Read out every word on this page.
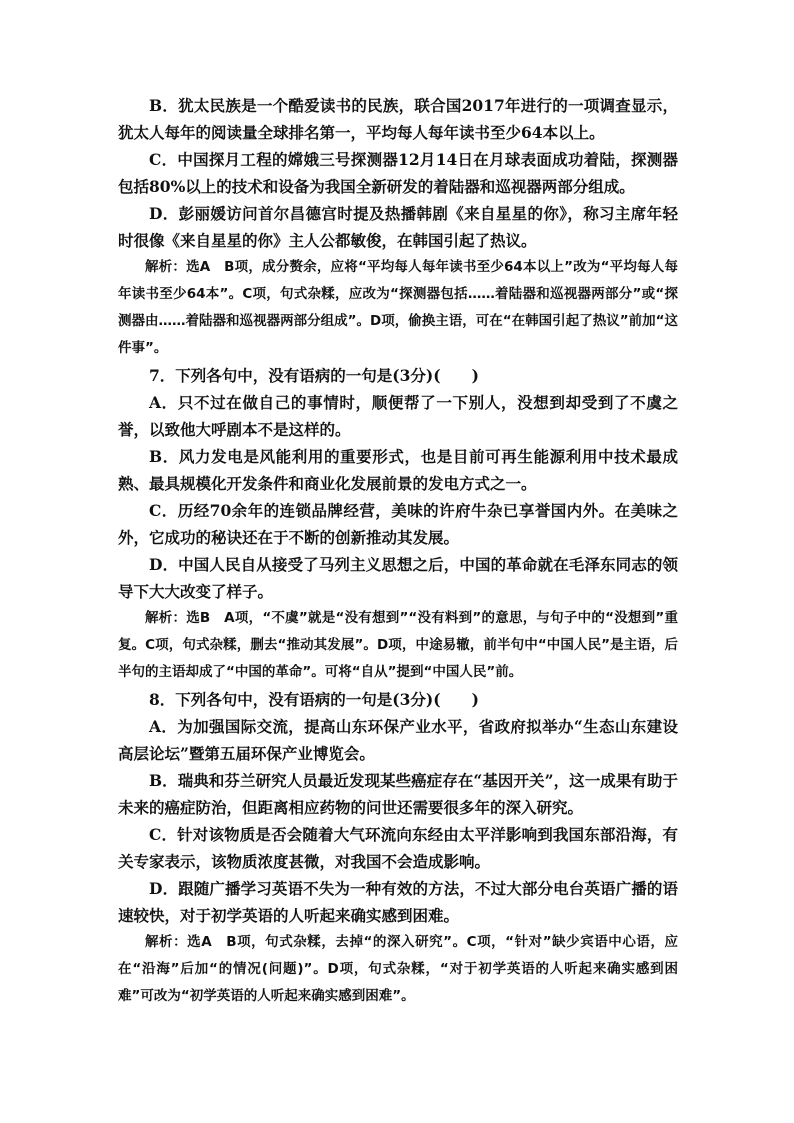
B．犹太民族是一个酷爱读书的民族，联合国2017年进行的一项调查显示，犹太人每年的阅读量全球排名第一，平均每人每年读书至少64本以上。

C．中国探月工程的嫦娥三号探测器12月14日在月球表面成功着陆，探测器包括80%以上的技术和设备为我国全新研发的着陆器和巡视器两部分组成。

D．彭丽媛访问首尔昌德宫时提及热播韩剧《来自星星的你》，称习主席年轻时很像《来自星星的你》主人公都敏俊，在韩国引起了热议。

解析：选A　B项，成分赘余，应将“平均每人每年读书至少64本以上”改为“平均每人每年读书至少64本”。C项，句式杂糅，应改为“探测器包括……着陆器和巡视器两部分”或“探测器由……着陆器和巡视器两部分组成”。D项，偷换主语，可在“在韩国引起了热议”前加“这件事”。

7．下列各句中，没有语病的一句是(3分)(　　)

A．只不过在做自己的事情时，顺便帮了一下别人，没想到却受到了不虞之誉，以致他大呼剧本不是这样的。

B．风力发电是风能利用的重要形式，也是目前可再生能源利用中技术最成熟、最具规模化开发条件和商业化发展前景的发电方式之一。

C．历经70余年的连锁品牌经营，美味的许府牛杂已享誉国内外。在美味之外，它成功的秘诀还在于不断的创新推动其发展。

D．中国人民自从接受了马列主义思想之后，中国的革命就在毛泽东同志的领导下大大改变了样子。

解析：选B　A项，“不虞”就是“没有想到”“没有料到”的意思，与句子中的“没想到”重复。C项，句式杂糅，删去“推动其发展”。D项，中途易辙，前半句中“中国人民”是主语，后半句的主语却成了“中国的革命”。可将“自从”提到“中国人民”前。

8．下列各句中，没有语病的一句是(3分)(　　)

A．为加强国际交流，提高山东环保产业水平，省政府拟举办“生态山东建设高层论坛”暨第五届环保产业博览会。

B．瑞典和芬兰研究人员最近发现某些癌症存在“基因开关”，这一成果有助于未来的癌症防治，但距离相应药物的问世还需要很多年的深入研究。

C．针对该物质是否会随着大气环流向东经由太平洋影响到我国东部沿海，有关专家表示，该物质浓度甚微，对我国不会造成影响。

D．跟随广播学习英语不失为一种有效的方法，不过大部分电台英语广播的语速较快，对于初学英语的人听起来确实感到困难。

解析：选A　B项，句式杂糅，去掉“的深入研究”。C项，“针对”缺少宾语中心语，应在“沿海”后加“的情况(问题)”。D项，句式杂糅，“对于初学英语的人听起来确实感到困难”可改为“初学英语的人听起来确实感到困难”。
